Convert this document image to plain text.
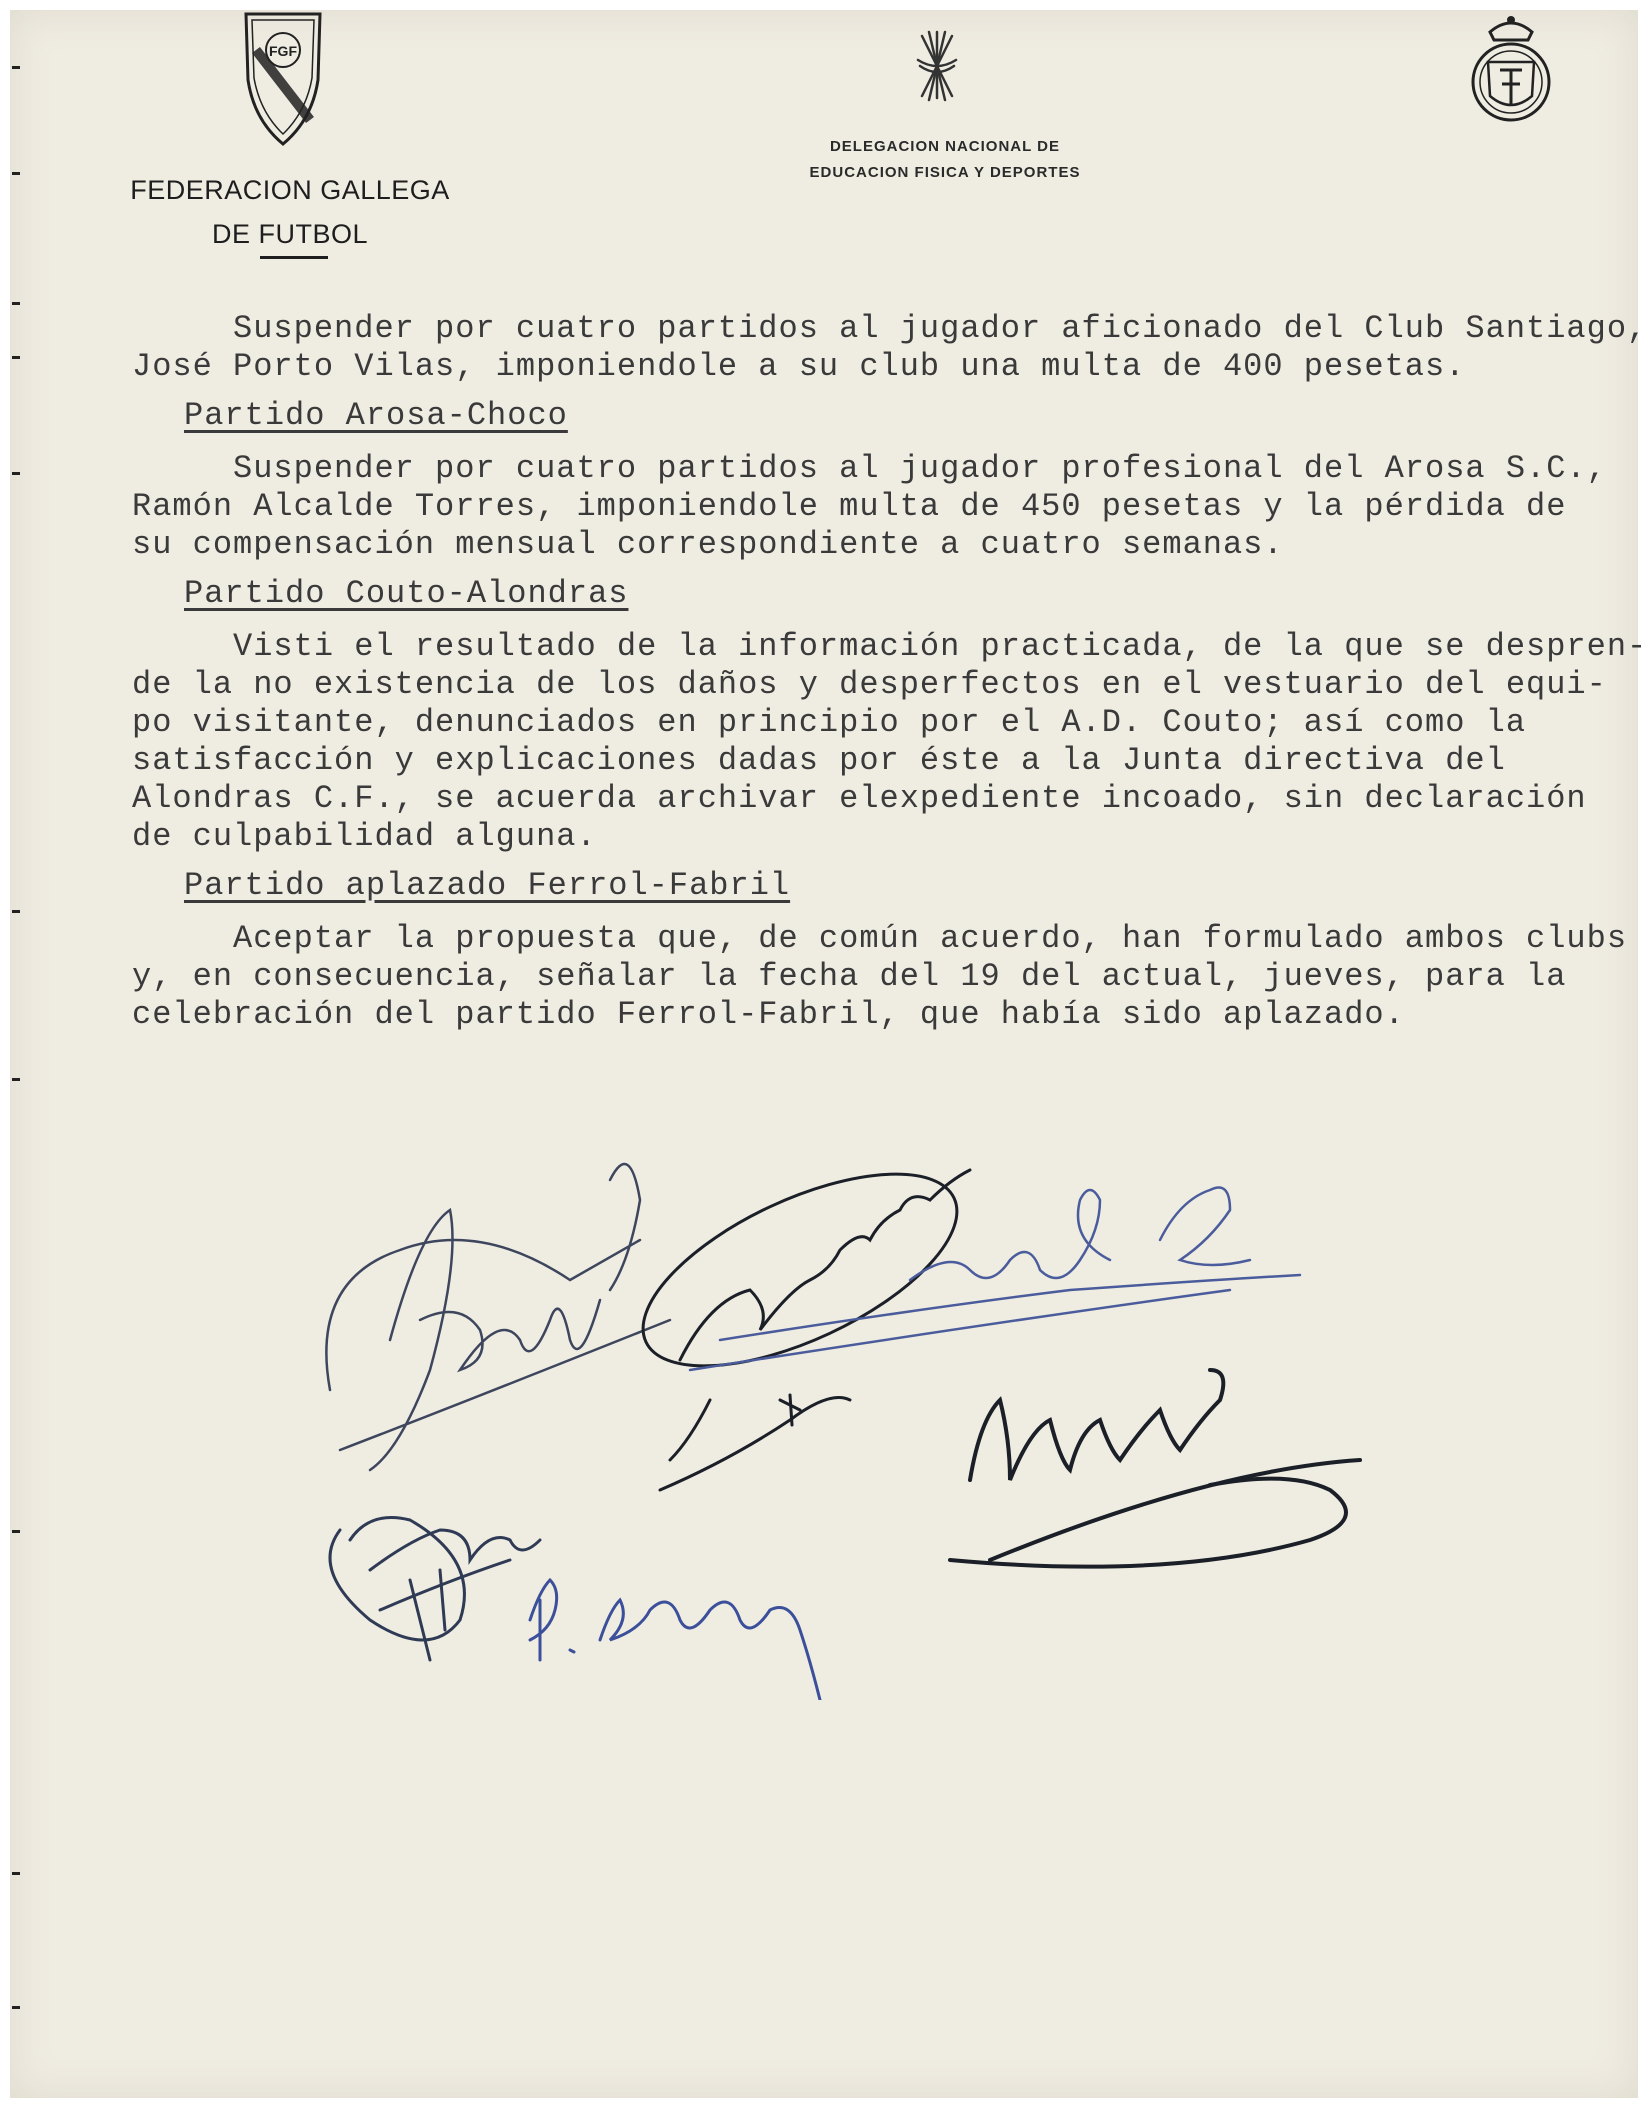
FGF
FEDERACION GALLEGA
DE FUTBOL
DELEGACION NACIONAL DE
EDUCACION FISICA Y DEPORTES
Suspender por cuatro partidos al jugador aficionado del Club Santiago,
José Porto Vilas, imponiendole a su club una multa de 400 pesetas.
Partido Arosa-Choco
Suspender por cuatro partidos al jugador profesional del Arosa S.C.,
Ramón Alcalde Torres, imponiendole multa de 450 pesetas y la pérdida de
su compensación mensual correspondiente a cuatro semanas.
Partido Couto-Alondras
Visti el resultado de la información practicada, de la que se despren-
de la no existencia de los daños y desperfectos en el vestuario del equi-
po visitante, denunciados en principio por el A.D. Couto; así como la
satisfacción y explicaciones dadas por éste a la Junta directiva del
Alondras C.F., se acuerda archivar elexpediente incoado, sin declaración
de culpabilidad alguna.
Partido aplazado Ferrol-Fabril
Aceptar la propuesta que, de común acuerdo, han formulado ambos clubs
y, en consecuencia, señalar la fecha del 19 del actual, jueves, para la
celebración del partido Ferrol-Fabril, que había sido aplazado.
